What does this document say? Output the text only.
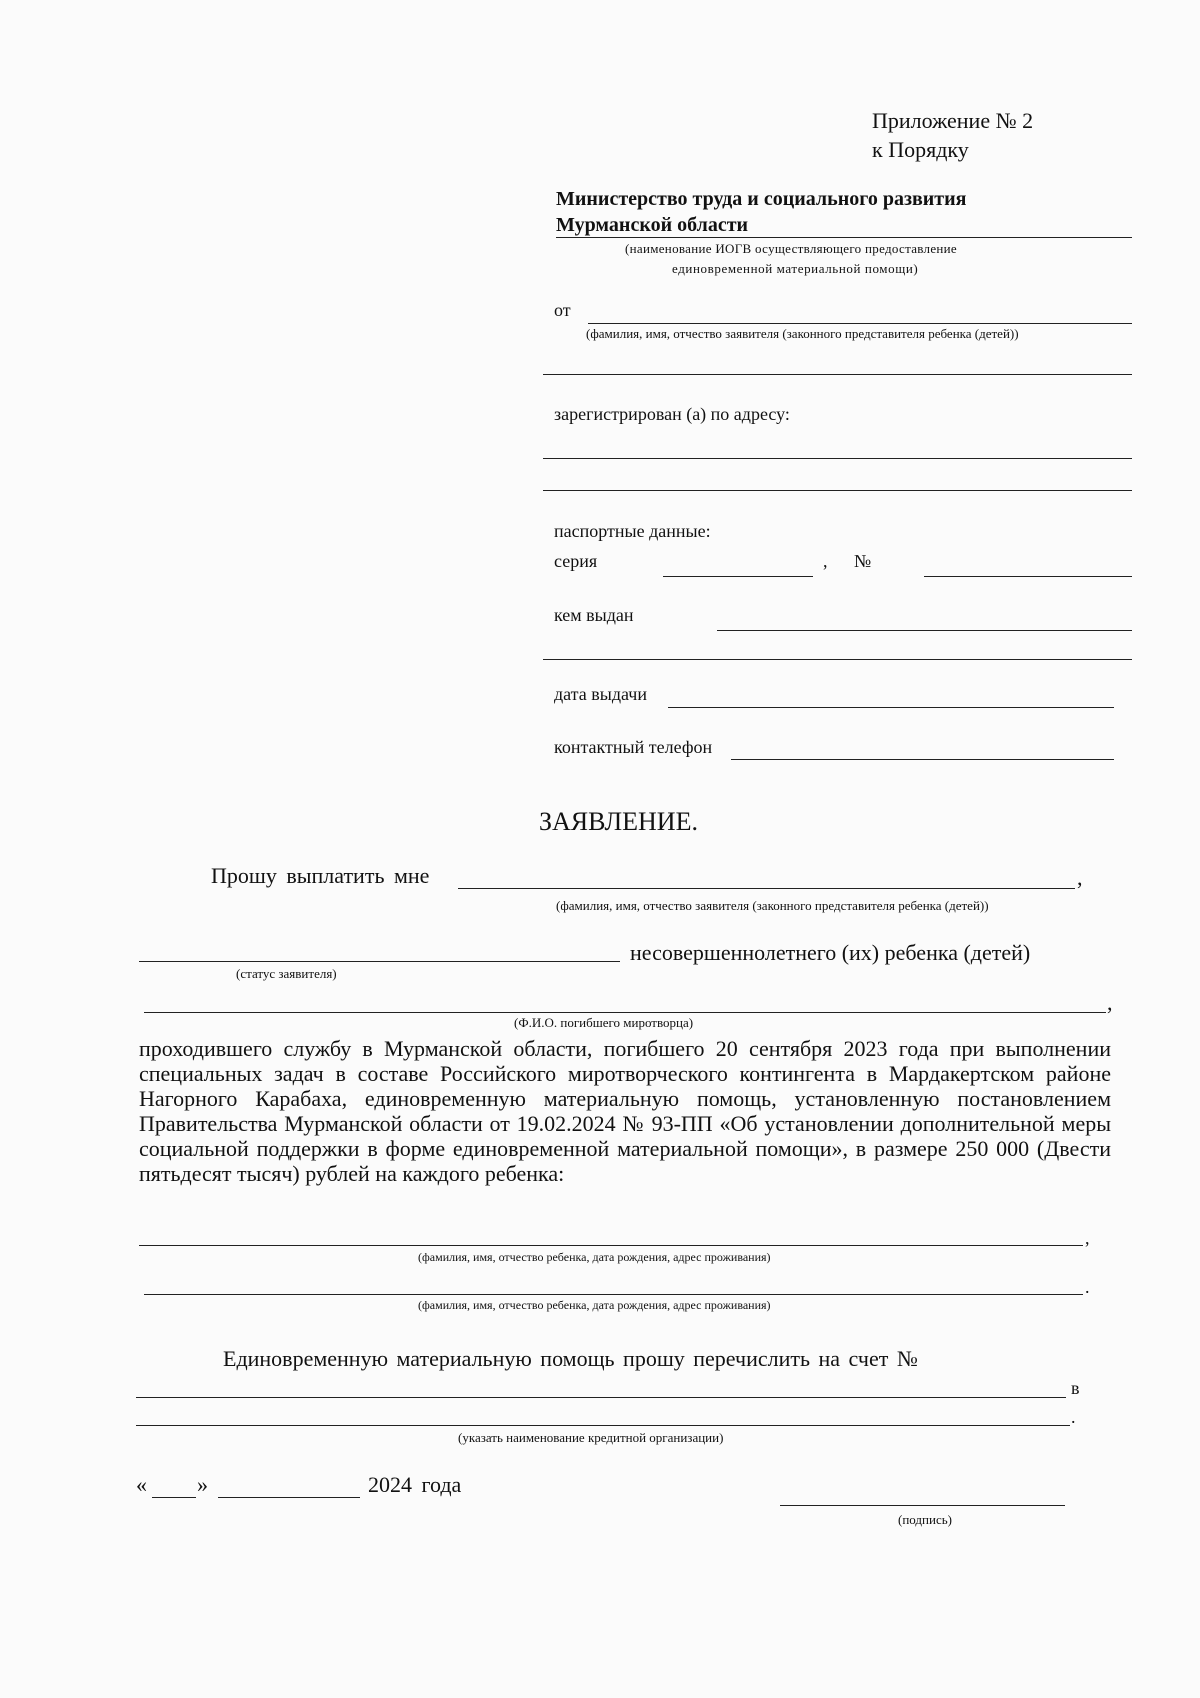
Приложение № 2
к Порядку
Министерство труда и социального развития
Мурманской области
(наименование ИОГВ осуществляющего предоставление
единовременной материальной помощи)
от
(фамилия, имя, отчество заявителя (законного представителя ребенка (детей))
зарегистрирован (а) по адресу:
паспортные данные:
серия	, №
кем выдан
дата выдачи
контактный телефон
ЗАЯВЛЕНИЕ.
Прошу выплатить мне	,
(фамилия, имя, отчество заявителя (законного представителя ребенка (детей))
несовершеннолетнего (их) ребенка (детей)
(статус заявителя)
,
(Ф.И.О. погибшего миротворца)
проходившего службу в Мурманской области, погибшего 20 сентября 2023 года при выполнении специальных задач в составе Российского миротворческого контингента в Мардакертском районе Нагорного Карабаха, единовременную материальную помощь, установленную постановлением Правительства Мурманской области от 19.02.2024 № 93-ПП «Об установлении дополнительной меры социальной поддержки в форме единовременной материальной помощи», в размере 250 000 (Двести пятьдесят тысяч) рублей на каждого ребенка:
,
(фамилия, имя, отчество ребенка, дата рождения, адрес проживания)
.
(фамилия, имя, отчество ребенка, дата рождения, адрес проживания)
Единовременную материальную помощь прошу перечислить на счет №
в
.
(указать наименование кредитной организации)
« »	2024 года
(подпись)
